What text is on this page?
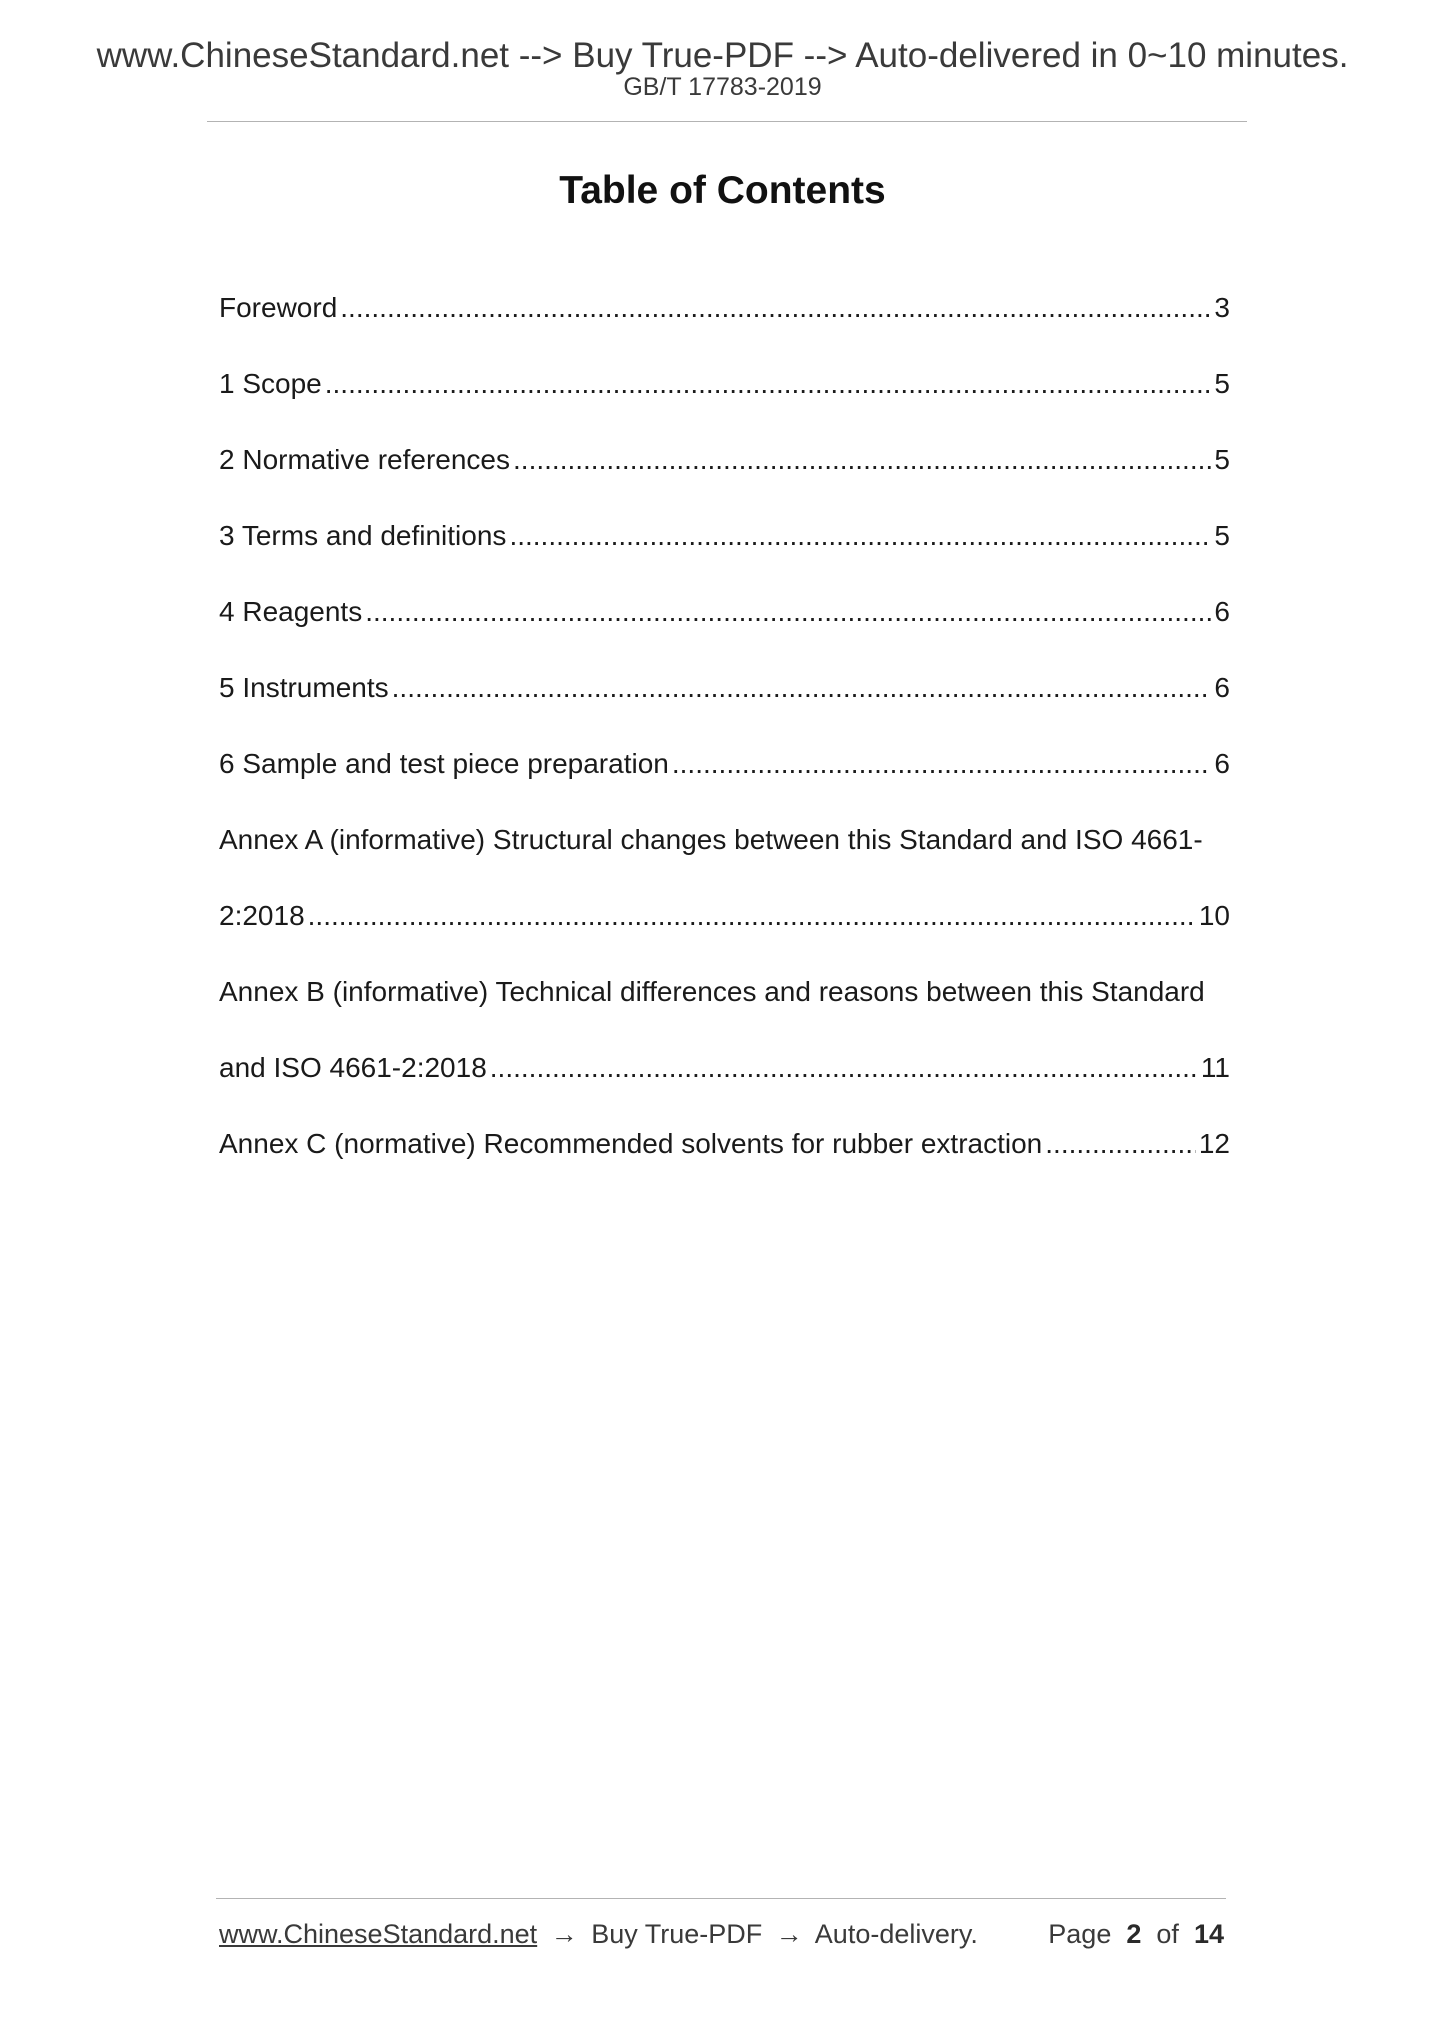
www.ChineseStandard.net --> Buy True-PDF --> Auto-delivered in 0~10 minutes.
GB/T 17783-2019
Table of Contents
Foreword .....	3
1 Scope .....	5
2 Normative references .....	5
3 Terms and definitions .....	5
4 Reagents .....	6
5 Instruments .....	6
6 Sample and test piece preparation .....	6
Annex A (informative) Structural changes between this Standard and ISO 4661-
2:2018 .....	10
Annex B (informative) Technical differences and reasons between this Standard
and ISO 4661-2:2018 .....	11
Annex C (normative) Recommended solvents for rubber extraction .....	12
www.ChineseStandard.net → Buy True-PDF → Auto-delivery.	Page 2 of 14
